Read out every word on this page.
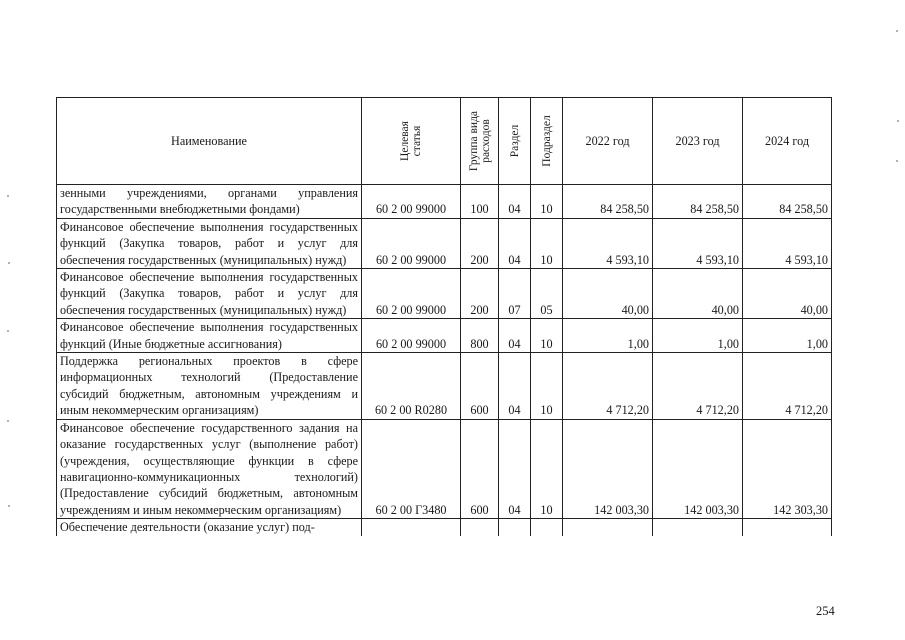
Наименование	Целевая статья	Группа вида расходов	Раздел	Подраздел	2022 год	2023 год	2024 год
зенными учреждениями, органами управления государственными внебюджетными фондами)	60 2 00 99000	100	04	10	84 258,50	84 258,50	84 258,50
Финансовое обеспечение выполнения государственных функций (Закупка товаров, работ и услуг для обеспечения государственных (муниципальных) нужд)	60 2 00 99000	200	04	10	4 593,10	4 593,10	4 593,10
Финансовое обеспечение выполнения государственных функций (Закупка товаров, работ и услуг для обеспечения государственных (муниципальных) нужд)	60 2 00 99000	200	07	05	40,00	40,00	40,00
Финансовое обеспечение выполнения государственных функций (Иные бюджетные ассигнования)	60 2 00 99000	800	04	10	1,00	1,00	1,00
Поддержка региональных проектов в сфере информационных технологий (Предоставление субсидий бюджетным, автономным учреждениям и иным некоммерческим организациям)	60 2 00 R0280	600	04	10	4 712,20	4 712,20	4 712,20
Финансовое обеспечение государственного задания на оказание государственных услуг (выполнение работ) (учреждения, осуществляющие функции в сфере навигационно-коммуникационных технологий) (Предоставление субсидий бюджетным, автономным учреждениям и иным некоммерческим организациям)	60 2 00 Г3480	600	04	10	142 003,30	142 003,30	142 303,30
Обеспечение деятельности (оказание услуг) под-							
254
